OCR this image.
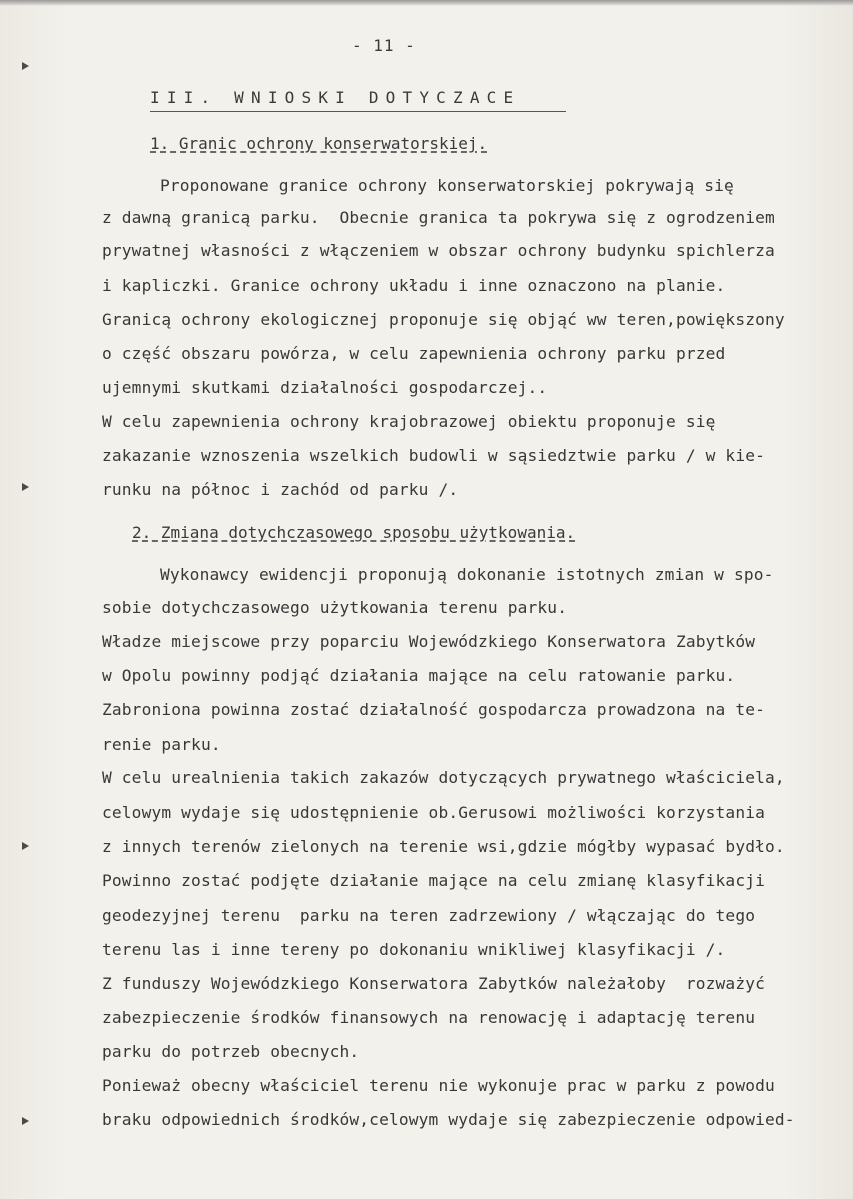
- 11 -
III. WNIOSKI DOTYCZACE
1. Granic ochrony konserwatorskiej.
Proponowane granice ochrony konserwatorskiej pokrywają się
z dawną granicą parku.  Obecnie granica ta pokrywa się z ogrodzeniem
prywatnej własności z włączeniem w obszar ochrony budynku spichlerza
i kapliczki. Granice ochrony układu i inne oznaczono na planie.
Granicą ochrony ekologicznej proponuje się objąć ww teren,powiększony
o część obszaru powórza, w celu zapewnienia ochrony parku przed
ujemnymi skutkami działalności gospodarczej..
W celu zapewnienia ochrony krajobrazowej obiektu proponuje się
zakazanie wznoszenia wszelkich budowli w sąsiedztwie parku / w kie-
runku na północ i zachód od parku /.
2. Zmiana dotychczasowego sposobu użytkowania.
Wykonawcy ewidencji proponują dokonanie istotnych zmian w spo-
sobie dotychczasowego użytkowania terenu parku.
Władze miejscowe przy poparciu Wojewódzkiego Konserwatora Zabytków
w Opolu powinny podjąć działania mające na celu ratowanie parku.
Zabroniona powinna zostać działalność gospodarcza prowadzona na te-
renie parku.
W celu urealnienia takich zakazów dotyczących prywatnego właściciela,
celowym wydaje się udostępnienie ob.Gerusowi możliwości korzystania
z innych terenów zielonych na terenie wsi,gdzie mógłby wypasać bydło.
Powinno zostać podjęte działanie mające na celu zmianę klasyfikacji
geodezyjnej terenu  parku na teren zadrzewiony / włączając do tego
terenu las i inne tereny po dokonaniu wnikliwej klasyfikacji /.
Z funduszy Wojewódzkiego Konserwatora Zabytków należałoby  rozważyć
zabezpieczenie środków finansowych na renowację i adaptację terenu
parku do potrzeb obecnych.
Ponieważ obecny właściciel terenu nie wykonuje prac w parku z powodu
braku odpowiednich środków,celowym wydaje się zabezpieczenie odpowied-
